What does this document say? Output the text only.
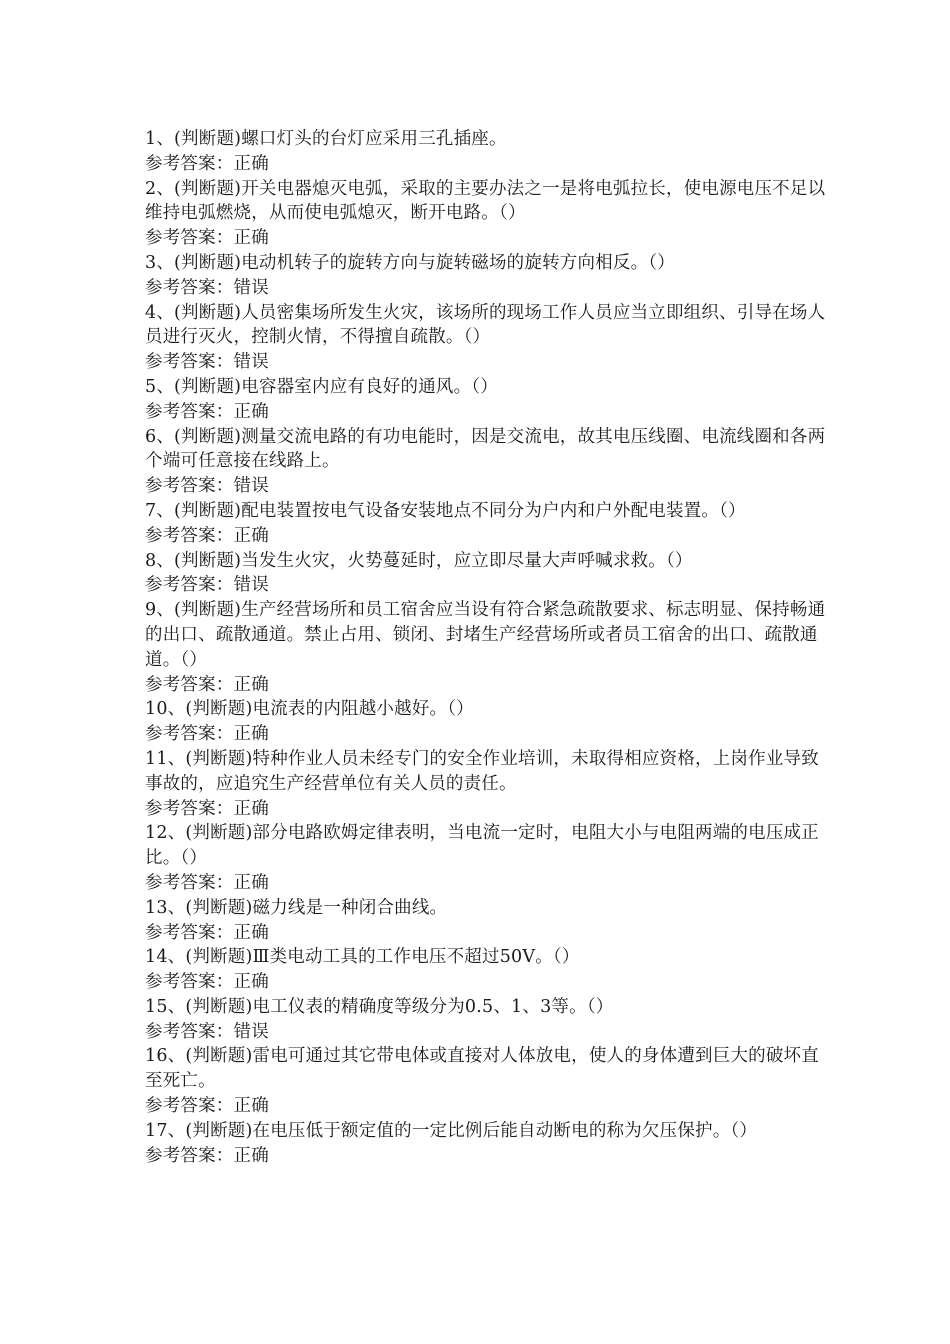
1、(判断题)螺口灯头的台灯应采用三孔插座。
参考答案：正确
2、(判断题)开关电器熄灭电弧，采取的主要办法之一是将电弧拉长，使电源电压不足以维持电弧燃烧，从而使电弧熄灭，断开电路。（）
参考答案：正确
3、(判断题)电动机转子的旋转方向与旋转磁场的旋转方向相反。（）
参考答案：错误
4、(判断题)人员密集场所发生火灾，该场所的现场工作人员应当立即组织、引导在场人员进行灭火，控制火情，不得擅自疏散。（）
参考答案：错误
5、(判断题)电容器室内应有良好的通风。（）
参考答案：正确
6、(判断题)测量交流电路的有功电能时，因是交流电，故其电压线圈、电流线圈和各两个端可任意接在线路上。
参考答案：错误
7、(判断题)配电装置按电气设备安装地点不同分为户内和户外配电装置。（）
参考答案：正确
8、(判断题)当发生火灾，火势蔓延时，应立即尽量大声呼喊求救。（）
参考答案：错误
9、(判断题)生产经营场所和员工宿舍应当设有符合紧急疏散要求、标志明显、保持畅通的出口、疏散通道。禁止占用、锁闭、封堵生产经营场所或者员工宿舍的出口、疏散通道。（）
参考答案：正确
10、(判断题)电流表的内阻越小越好。（）
参考答案：正确
11、(判断题)特种作业人员未经专门的安全作业培训，未取得相应资格，上岗作业导致事故的，应追究生产经营单位有关人员的责任。
参考答案：正确
12、(判断题)部分电路欧姆定律表明，当电流一定时，电阻大小与电阻两端的电压成正比。（）
参考答案：正确
13、(判断题)磁力线是一种闭合曲线。
参考答案：正确
14、(判断题)Ⅲ类电动工具的工作电压不超过50V。（）
参考答案：正确
15、(判断题)电工仪表的精确度等级分为0.5、1、3等。（）
参考答案：错误
16、(判断题)雷电可通过其它带电体或直接对人体放电，使人的身体遭到巨大的破坏直至死亡。
参考答案：正确
17、(判断题)在电压低于额定值的一定比例后能自动断电的称为欠压保护。（）
参考答案：正确
